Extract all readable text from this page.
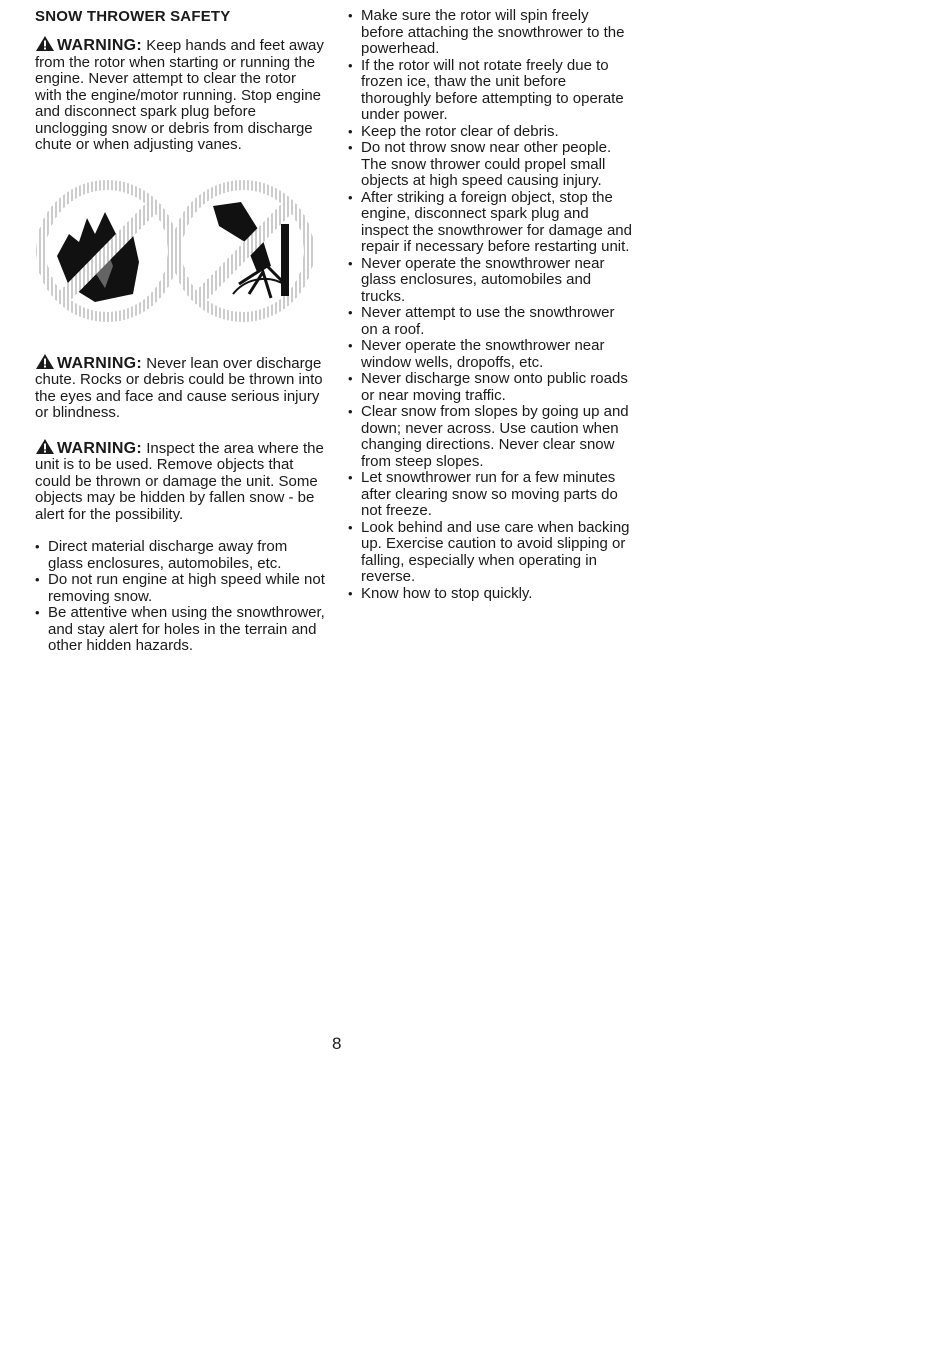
SNOW THROWER SAFETY

WARNING: Keep hands and feet away from the rotor when starting or running the engine. Never attempt to clear the rotor with the engine/motor running. Stop engine and disconnect spark plug before unclogging snow or debris from discharge chute or when adjusting vanes.

WARNING: Never lean over discharge chute. Rocks or debris could be thrown into the eyes and face and cause serious injury or blindness.

WARNING: Inspect the area where the unit is to be used. Remove objects that could be thrown or damage the unit. Some objects may be hidden by fallen snow - be alert for the possibility.

• Direct material discharge away from glass enclosures, automobiles, etc.
• Do not run engine at high speed while not removing snow.
• Be attentive when using the snowthrower, and stay alert for holes in the terrain and other hidden hazards.
• Make sure the rotor will spin freely before attaching the snowthrower to the powerhead.
• If the rotor will not rotate freely due to frozen ice, thaw the unit before thoroughly before attempting to operate under power.
• Keep the rotor clear of debris.
• Do not throw snow near other people. The snow thrower could propel small objects at high speed causing injury.
• After striking a foreign object, stop the engine, disconnect spark plug and inspect the snowthrower for damage and repair if necessary before restarting unit.
• Never operate the snowthrower near glass enclosures, automobiles and trucks.
• Never attempt to use the snowthrower on a roof.
• Never operate the snowthrower near window wells, dropoffs, etc.
• Never discharge snow onto public roads or near moving traffic.
• Clear snow from slopes by going up and down; never across. Use caution when changing directions. Never clear snow from steep slopes.
• Let snowthrower run for a few minutes after clearing snow so moving parts do not freeze.
• Look behind and use care when backing up. Exercise caution to avoid slipping or falling, especially when operating in reverse.
• Know how to stop quickly.
8
